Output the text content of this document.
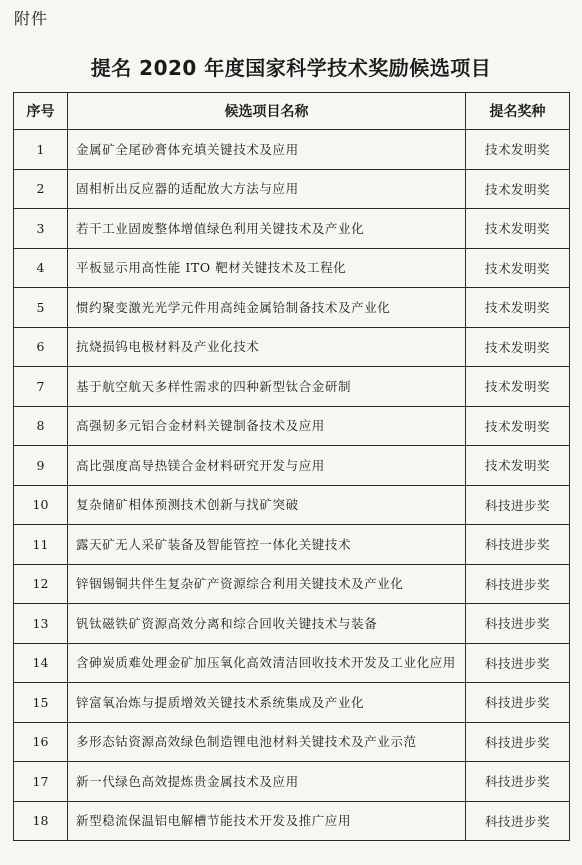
附件
提名 2020 年度国家科学技术奖励候选项目
序号	候选项目名称	提名奖种
1	金属矿全尾砂膏体充填关键技术及应用	技术发明奖
2	固相析出反应器的适配放大方法与应用	技术发明奖
3	若干工业固废整体增值绿色利用关键技术及产业化	技术发明奖
4	平板显示用高性能 ITO 靶材关键技术及工程化	技术发明奖
5	惯约聚变激光光学元件用高纯金属铪制备技术及产业化	技术发明奖
6	抗烧损钨电极材料及产业化技术	技术发明奖
7	基于航空航天多样性需求的四种新型钛合金研制	技术发明奖
8	高强韧多元铝合金材料关键制备技术及应用	技术发明奖
9	高比强度高导热镁合金材料研究开发与应用	技术发明奖
10	复杂储矿相体预测技术创新与找矿突破	科技进步奖
11	露天矿无人采矿装备及智能管控一体化关键技术	科技进步奖
12	锌铟锡铜共伴生复杂矿产资源综合利用关键技术及产业化	科技进步奖
13	钒钛磁铁矿资源高效分离和综合回收关键技术与装备	科技进步奖
14	含砷炭质难处理金矿加压氧化高效清洁回收技术开发及工业化应用	科技进步奖
15	锌富氧冶炼与提质增效关键技术系统集成及产业化	科技进步奖
16	多形态钴资源高效绿色制造锂电池材料关键技术及产业示范	科技进步奖
17	新一代绿色高效提炼贵金属技术及应用	科技进步奖
18	新型稳流保温铝电解槽节能技术开发及推广应用	科技进步奖
